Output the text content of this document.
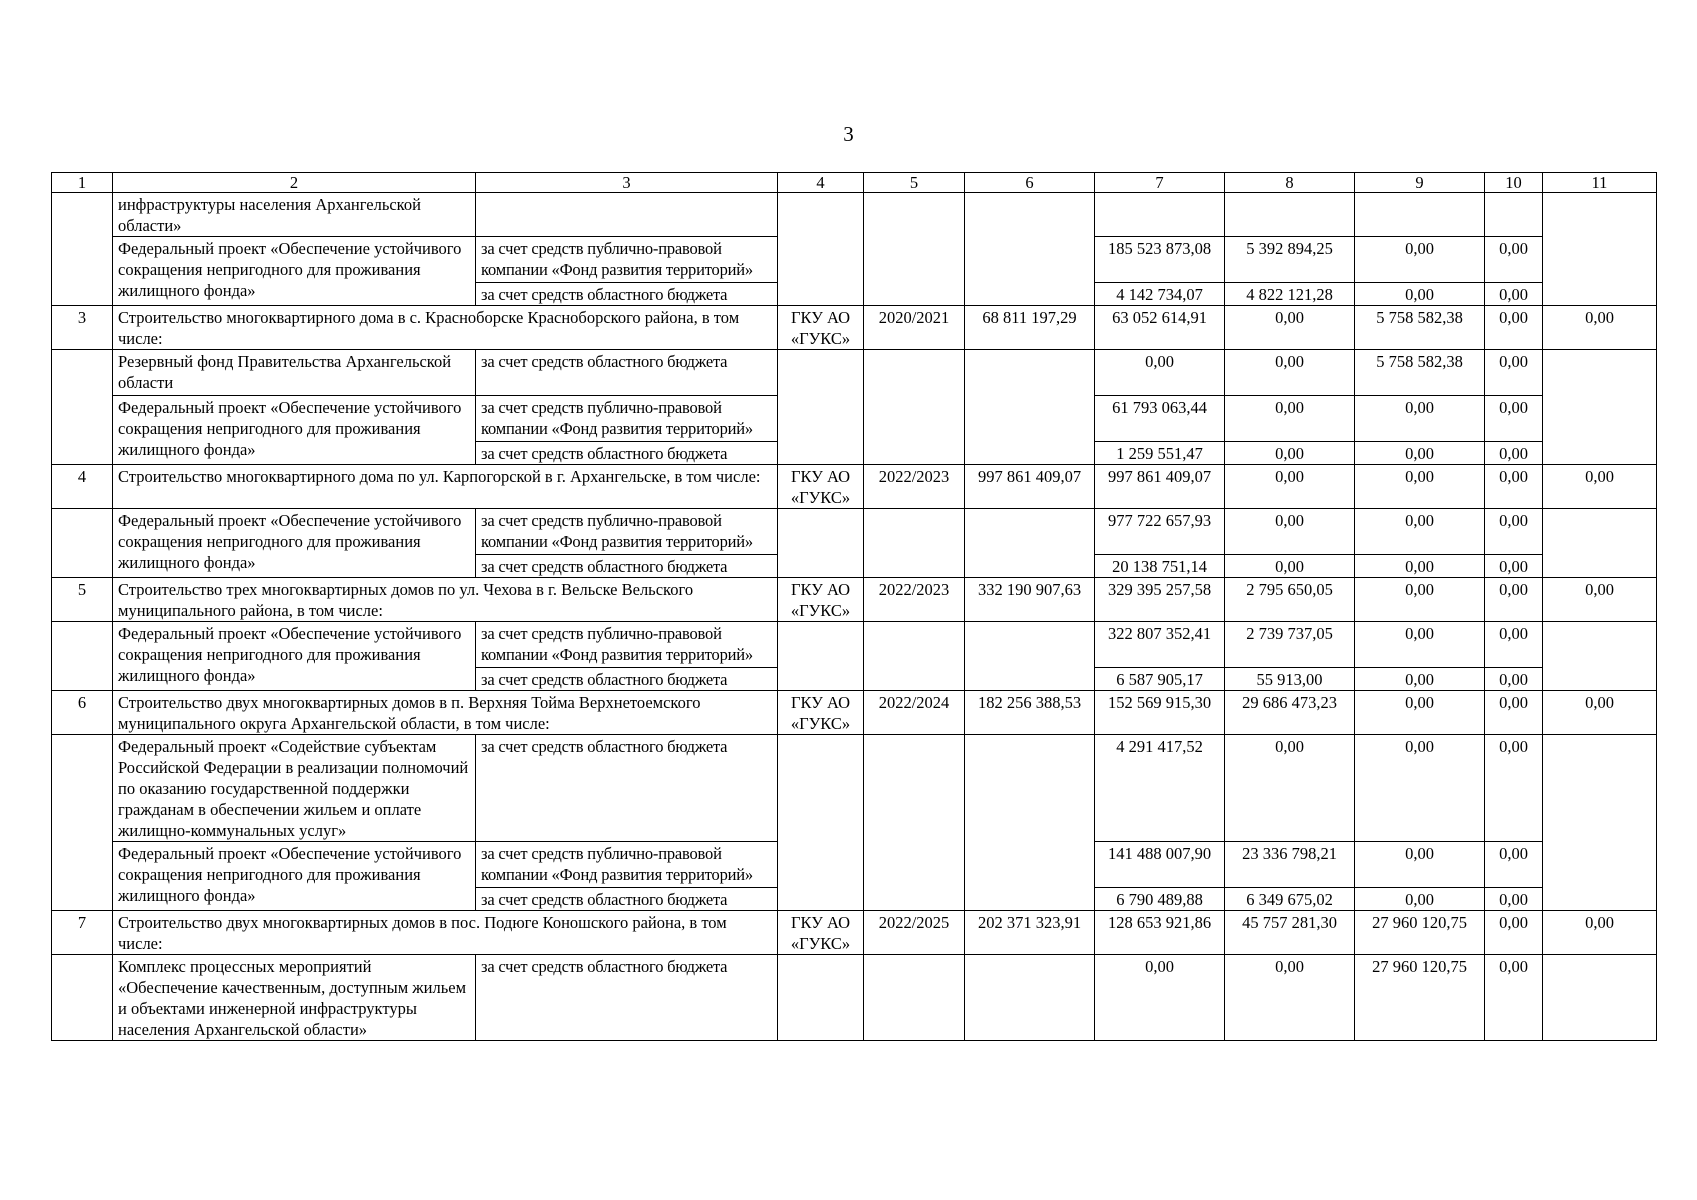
3
1	2	3	4	5	6	7	8	9	10	11
	инфраструктуры населения Архангельской области»									
	Федеральный проект «Обеспечение устойчивого сокращения непригодного для проживания жилищного фонда»	за счет средств публично-правовой компании «Фонд развития территорий»				185 523 873,08	5 392 894,25	0,00	0,00	
		за счет средств областного бюджета				4 142 734,07	4 822 121,28	0,00	0,00	
3	Строительство многоквартирного дома в с. Красноборске Красноборского района, в том числе:		ГКУ АО «ГУКС»	2020/2021	68 811 197,29	63 052 614,91	0,00	5 758 582,38	0,00	0,00
	Резервный фонд Правительства Архангельской области	за счет средств областного бюджета				0,00	0,00	5 758 582,38	0,00	
	Федеральный проект «Обеспечение устойчивого сокращения непригодного для проживания жилищного фонда»	за счет средств публично-правовой компании «Фонд развития территорий»				61 793 063,44	0,00	0,00	0,00	
		за счет средств областного бюджета				1 259 551,47	0,00	0,00	0,00	
4	Строительство многоквартирного дома по ул. Карпогорской в г. Архангельске, в том числе:		ГКУ АО «ГУКС»	2022/2023	997 861 409,07	997 861 409,07	0,00	0,00	0,00	0,00
	Федеральный проект «Обеспечение устойчивого сокращения непригодного для проживания жилищного фонда»	за счет средств публично-правовой компании «Фонд развития территорий»				977 722 657,93	0,00	0,00	0,00	
		за счет средств областного бюджета				20 138 751,14	0,00	0,00	0,00	
5	Строительство трех многоквартирных домов по ул. Чехова в г. Вельске Вельского муниципального района, в том числе:		ГКУ АО «ГУКС»	2022/2023	332 190 907,63	329 395 257,58	2 795 650,05	0,00	0,00	0,00
	Федеральный проект «Обеспечение устойчивого сокращения непригодного для проживания жилищного фонда»	за счет средств публично-правовой компании «Фонд развития территорий»				322 807 352,41	2 739 737,05	0,00	0,00	
		за счет средств областного бюджета				6 587 905,17	55 913,00	0,00	0,00	
6	Строительство двух многоквартирных домов в п. Верхняя Тойма Верхнетоемского муниципального округа Архангельской области, в том числе:		ГКУ АО «ГУКС»	2022/2024	182 256 388,53	152 569 915,30	29 686 473,23	0,00	0,00	0,00
	Федеральный проект «Содействие субъектам Российской Федерации в реализации полномочий по оказанию государственной поддержки гражданам в обеспечении жильем и оплате жилищно-коммунальных услуг»	за счет средств областного бюджета				4 291 417,52	0,00	0,00	0,00	
	Федеральный проект «Обеспечение устойчивого сокращения непригодного для проживания жилищного фонда»	за счет средств публично-правовой компании «Фонд развития территорий»				141 488 007,90	23 336 798,21	0,00	0,00	
		за счет средств областного бюджета				6 790 489,88	6 349 675,02	0,00	0,00	
7	Строительство двух многоквартирных домов в пос. Подюге Коношского района, в том числе:		ГКУ АО «ГУКС»	2022/2025	202 371 323,91	128 653 921,86	45 757 281,30	27 960 120,75	0,00	0,00
	Комплекс процессных мероприятий «Обеспечение качественным, доступным жильем и объектами инженерной инфраструктуры населения Архангельской области»	за счет средств областного бюджета				0,00	0,00	27 960 120,75	0,00	
